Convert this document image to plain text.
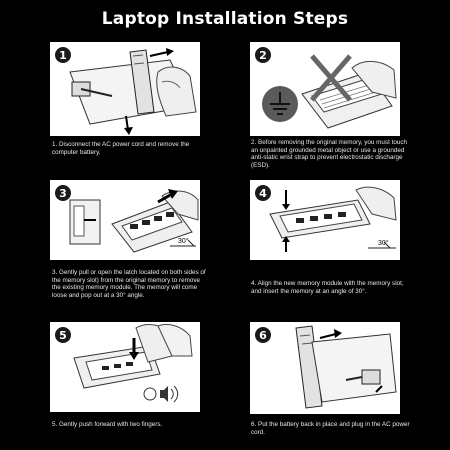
Laptop Installation Steps
1
1. Disconnect the AC power cord and remove the computer battery.
2
2. Before removing the original memory, you must touch an unpainted grounded metal object or use a grounded anti-static wrist strap to prevent electrostatic discharge (ESD).
30°
3
3. Gently pull or open the latch located on both sides of the memory slot) from the original memory to remove the existing memory module. The memory will come loose and pop out at a 30° angle.
30°
4
4. Align the new memory module with the memory slot, and insert the memory at an angle of 30°.
5
5. Gently push forward with two fingers.
6
6. Put the battery back in place and plug in the AC power cord.
